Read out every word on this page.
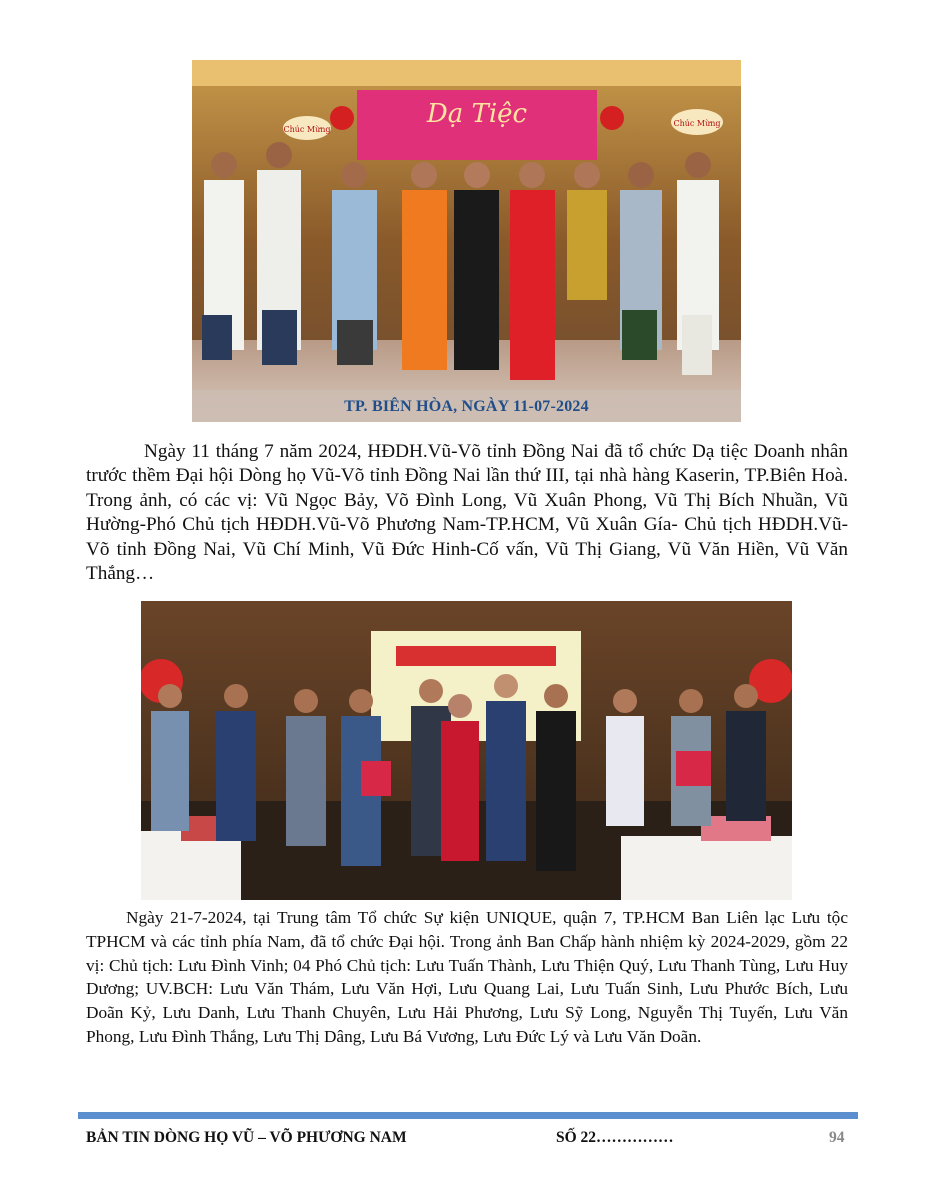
Dạ Tiệc
Chúc Mừng
Chúc Mừng
TP. BIÊN HÒA, NGÀY 11-07-2024

Ngày 11 tháng 7 năm 2024, HĐDH.Vũ-Võ tỉnh Đồng Nai đã tổ chức Dạ tiệc Doanh nhân trước thềm Đại hội Dòng họ Vũ-Võ tỉnh Đồng Nai lần thứ III, tại nhà hàng Kaserin, TP.Biên Hoà. Trong ảnh, có các vị: Vũ Ngọc Bảy, Võ Đình Long, Vũ Xuân Phong, Vũ Thị Bích Nhuần, Vũ Hường-Phó Chủ tịch HĐDH.Vũ-Võ Phương Nam-TP.HCM, Vũ Xuân Gía- Chủ tịch HĐDH.Vũ-Võ tỉnh Đồng Nai, Vũ Chí Minh, Vũ Đức Hinh-Cố vấn, Vũ Thị Giang, Vũ Văn Hiền, Vũ Văn Thắng…

Ngày 21-7-2024, tại Trung tâm Tổ chức Sự kiện UNIQUE, quận 7, TP.HCM Ban Liên lạc Lưu tộc TPHCM và các tỉnh phía Nam, đã tổ chức Đại hội. Trong ảnh Ban Chấp hành nhiệm kỳ 2024-2029, gồm 22 vị: Chủ tịch: Lưu Đình Vinh; 04 Phó Chủ tịch: Lưu Tuấn Thành, Lưu Thiện Quý, Lưu Thanh Tùng, Lưu Huy Dương; UV.BCH: Lưu Văn Thám, Lưu Văn Hợi, Lưu Quang Lai, Lưu Tuấn Sinh, Lưu Phước Bích, Lưu Doãn Kỷ, Lưu Danh, Lưu Thanh Chuyên, Lưu Hải Phương, Lưu Sỹ Long, Nguyễn Thị Tuyến, Lưu Văn Phong, Lưu Đình Thắng, Lưu Thị Dâng, Lưu Bá Vương, Lưu Đức Lý và Lưu Văn Doãn.

BẢN TIN DÒNG HỌ VŨ – VÕ PHƯƠNG NAM	SỐ 22……………	94
